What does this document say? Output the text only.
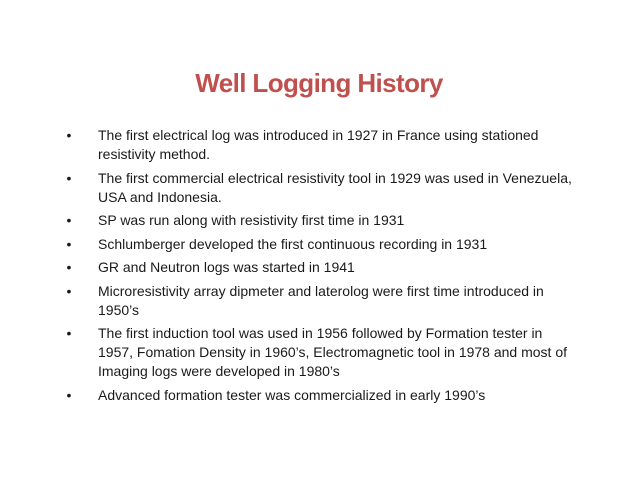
Well Logging History
• The first electrical log was introduced in 1927 in France using stationed resistivity method.
• The first commercial electrical resistivity tool in 1929 was used in Venezuela, USA and Indonesia.
• SP was run along with resistivity first time in 1931
• Schlumberger developed the first continuous recording in 1931
• GR and Neutron logs was started in 1941
• Microresistivity array dipmeter and laterolog were first time introduced in 1950’s
• The first induction tool was used in 1956 followed by Formation tester in 1957, Fomation Density in 1960’s, Electromagnetic tool in 1978 and most of Imaging logs were developed in 1980’s
• Advanced formation tester was commercialized in early 1990’s
